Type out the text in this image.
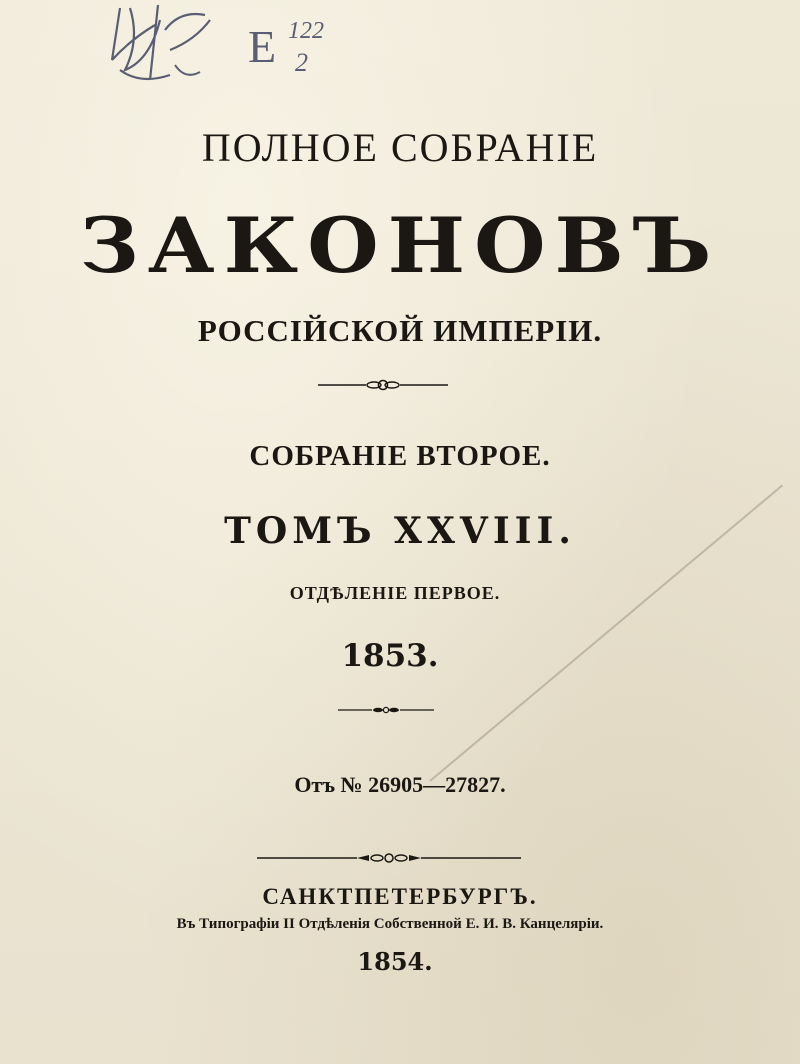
Е 122
2
ПОЛНОЕ СОБРАНІЕ
ЗАКОНОВЪ
РОССІЙСКОЙ ИМПЕРІИ.
СОБРАНІЕ ВТОРОЕ.
ТОМЪ XXVIII.
ОТДѢЛЕНІЕ ПЕРВОЕ.
1853.
Отъ № 26905—27827.
САНКТПЕТЕРБУРГЪ.
Въ Типографіи II Отдѣленія Собственной Е. И. В. Канцеляріи.
1854.
